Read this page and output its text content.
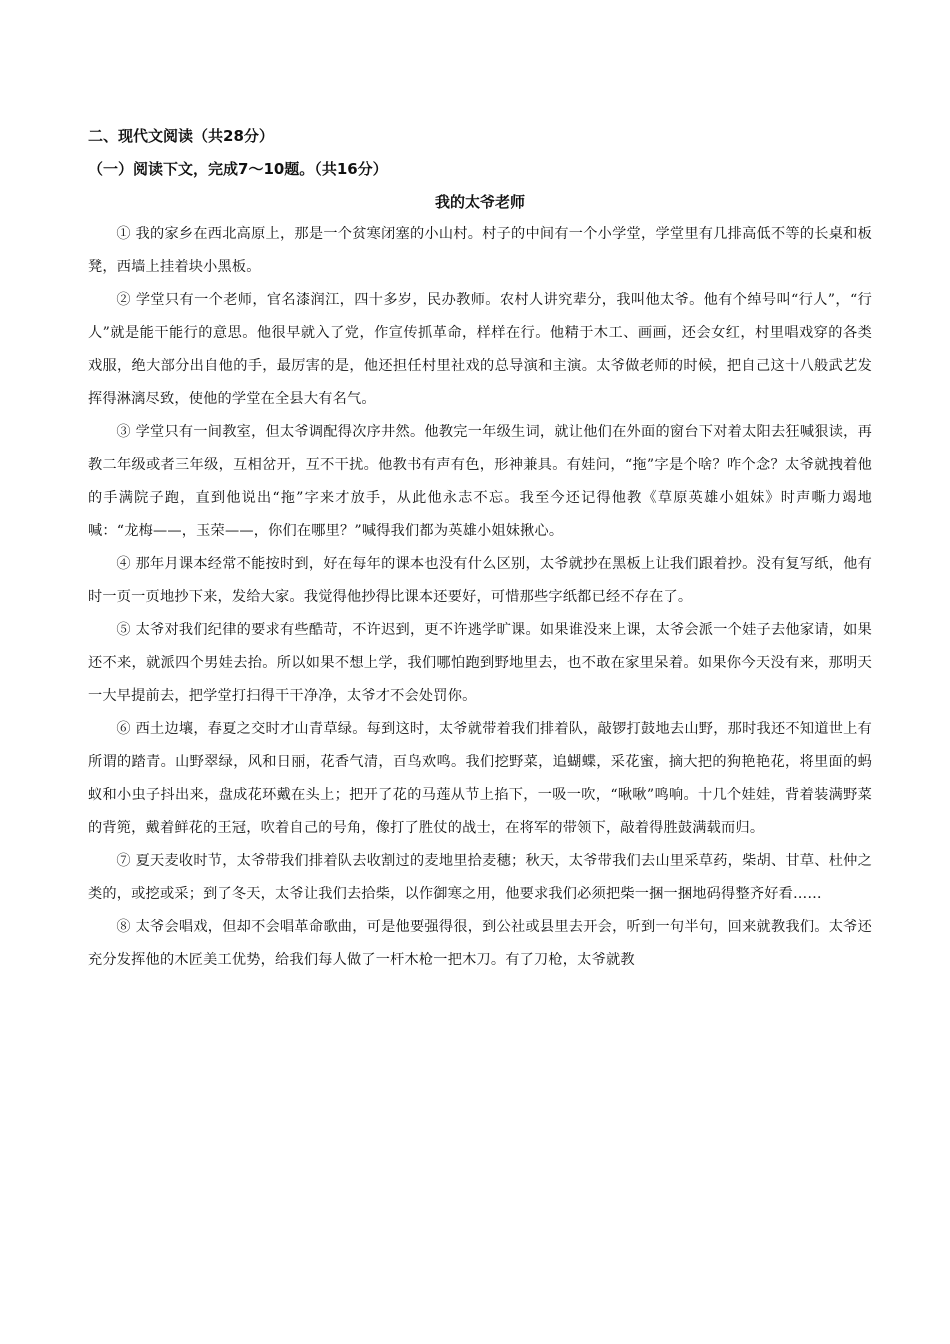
二、现代文阅读（共28分）
（一）阅读下文，完成7～10题。（共16分）
我的太爷老师

① 我的家乡在西北高原上，那是一个贫寒闭塞的小山村。村子的中间有一个小学堂，学堂里有几排高低不等的长桌和板凳，西墙上挂着块小黑板。

② 学堂只有一个老师，官名漆润江，四十多岁，民办教师。农村人讲究辈分，我叫他太爷。他有个绰号叫“行人”，“行人”就是能干能行的意思。他很早就入了党，作宣传抓革命，样样在行。他精于木工、画画，还会女红，村里唱戏穿的各类戏服，绝大部分出自他的手，最厉害的是，他还担任村里社戏的总导演和主演。太爷做老师的时候，把自己这十八般武艺发挥得淋漓尽致，使他的学堂在全县大有名气。

③ 学堂只有一间教室，但太爷调配得次序井然。他教完一年级生词，就让他们在外面的窗台下对着太阳去狂喊狠读，再教二年级或者三年级，互相岔开，互不干扰。他教书有声有色，形神兼具。有娃问，“拖”字是个啥？咋个念？太爷就拽着他的手满院子跑，直到他说出“拖”字来才放手，从此他永志不忘。我至今还记得他教《草原英雄小姐妹》时声嘶力竭地喊：“龙梅——，玉荣——，你们在哪里？”喊得我们都为英雄小姐妹揪心。

④ 那年月课本经常不能按时到，好在每年的课本也没有什么区别，太爷就抄在黑板上让我们跟着抄。没有复写纸，他有时一页一页地抄下来，发给大家。我觉得他抄得比课本还要好，可惜那些字纸都已经不存在了。

⑤ 太爷对我们纪律的要求有些酷苛，不许迟到，更不许逃学旷课。如果谁没来上课，太爷会派一个娃子去他家请，如果还不来，就派四个男娃去抬。所以如果不想上学，我们哪怕跑到野地里去，也不敢在家里呆着。如果你今天没有来，那明天一大早提前去，把学堂打扫得干干净净，太爷才不会处罚你。

⑥ 西土边壤，春夏之交时才山青草绿。每到这时，太爷就带着我们排着队，敲锣打鼓地去山野，那时我还不知道世上有所谓的踏青。山野翠绿，风和日丽，花香气清，百鸟欢鸣。我们挖野菜，追蝴蝶，采花蜜，摘大把的狗艳艳花，将里面的蚂蚁和小虫子抖出来，盘成花环戴在头上；把开了花的马莲从节上掐下，一吸一吹，“啾啾”鸣响。十几个娃娃，背着装满野菜的背篼，戴着鲜花的王冠，吹着自己的号角，像打了胜仗的战士，在将军的带领下，敲着得胜鼓满载而归。

⑦ 夏天麦收时节，太爷带我们排着队去收割过的麦地里拾麦穗；秋天，太爷带我们去山里采草药，柴胡、甘草、杜仲之类的，或挖或采；到了冬天，太爷让我们去拾柴，以作御寒之用，他要求我们必须把柴一捆一捆地码得整齐好看……

⑧ 太爷会唱戏，但却不会唱革命歌曲，可是他要强得很，到公社或县里去开会，听到一句半句，回来就教我们。太爷还充分发挥他的木匠美工优势，给我们每人做了一杆木枪一把木刀。有了刀枪，太爷就教
